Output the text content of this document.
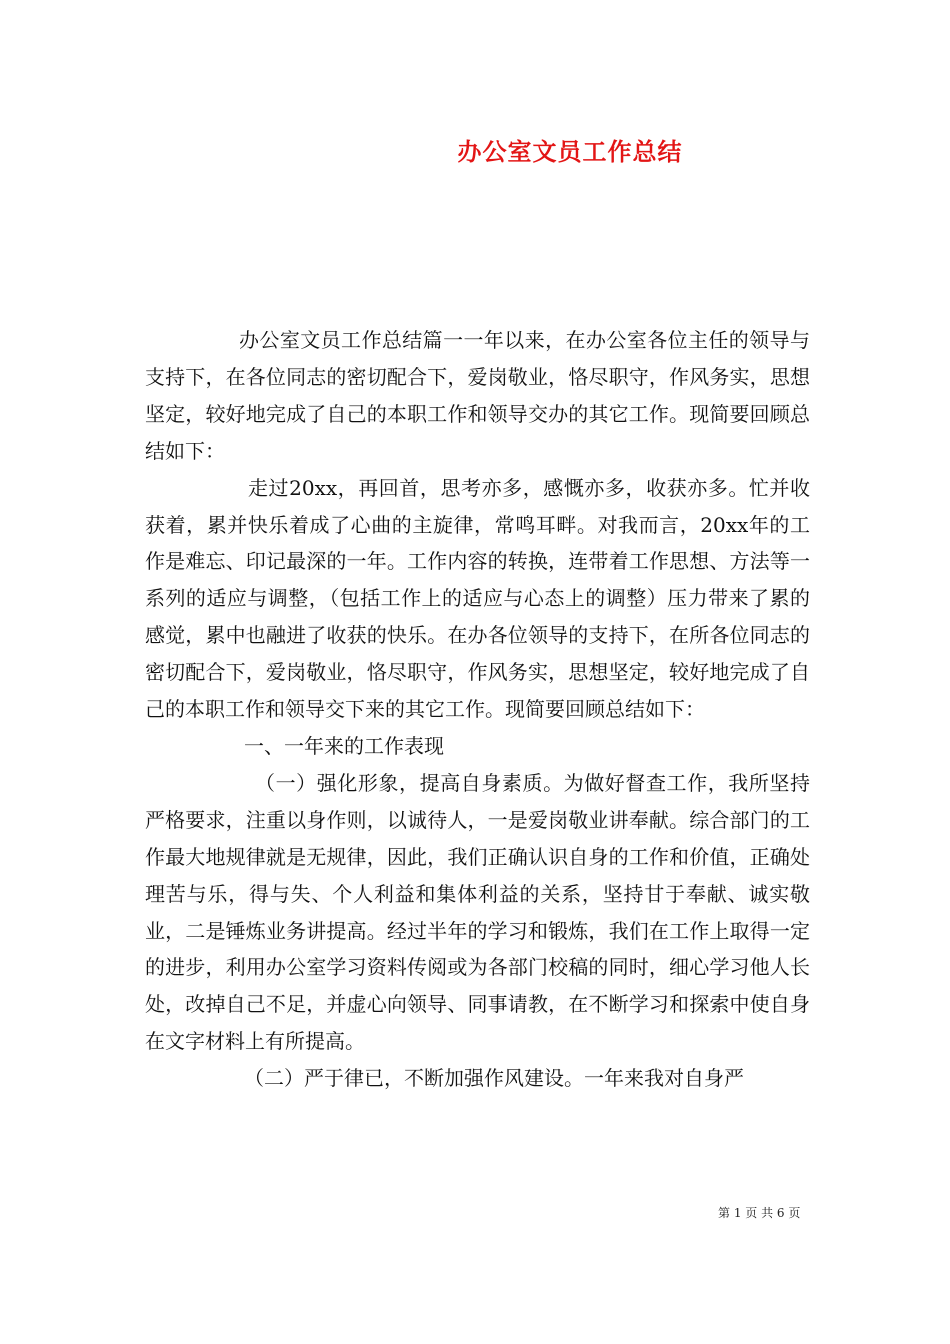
办公室文员工作总结

办公室文员工作总结篇一一年以来，在办公室各位主任的领导与支持下，在各位同志的密切配合下，爱岗敬业，恪尽职守，作风务实，思想坚定，较好地完成了自己的本职工作和领导交办的其它工作。现简要回顾总结如下：

走过20xx，再回首，思考亦多，感慨亦多，收获亦多。忙并收获着，累并快乐着成了心曲的主旋律，常鸣耳畔。对我而言，20xx年的工作是难忘、印记最深的一年。工作内容的转换，连带着工作思想、方法等一系列的适应与调整，（包括工作上的适应与心态上的调整）压力带来了累的感觉，累中也融进了收获的快乐。在办各位领导的支持下，在所各位同志的密切配合下，爱岗敬业，恪尽职守，作风务实，思想坚定，较好地完成了自己的本职工作和领导交下来的其它工作。现简要回顾总结如下：

一、一年来的工作表现

（一）强化形象，提高自身素质。为做好督查工作，我所坚持严格要求，注重以身作则，以诚待人，一是爱岗敬业讲奉献。综合部门的工作最大地规律就是无规律，因此，我们正确认识自身的工作和价值，正确处理苦与乐，得与失、个人利益和集体利益的关系，坚持甘于奉献、诚实敬业，二是锤炼业务讲提高。经过半年的学习和锻炼，我们在工作上取得一定的进步，利用办公室学习资料传阅或为各部门校稿的同时，细心学习他人长处，改掉自己不足，并虚心向领导、同事请教，在不断学习和探索中使自身在文字材料上有所提高。

（二）严于律已，不断加强作风建设。一年来我对自身严

第 1 页 共 6 页
